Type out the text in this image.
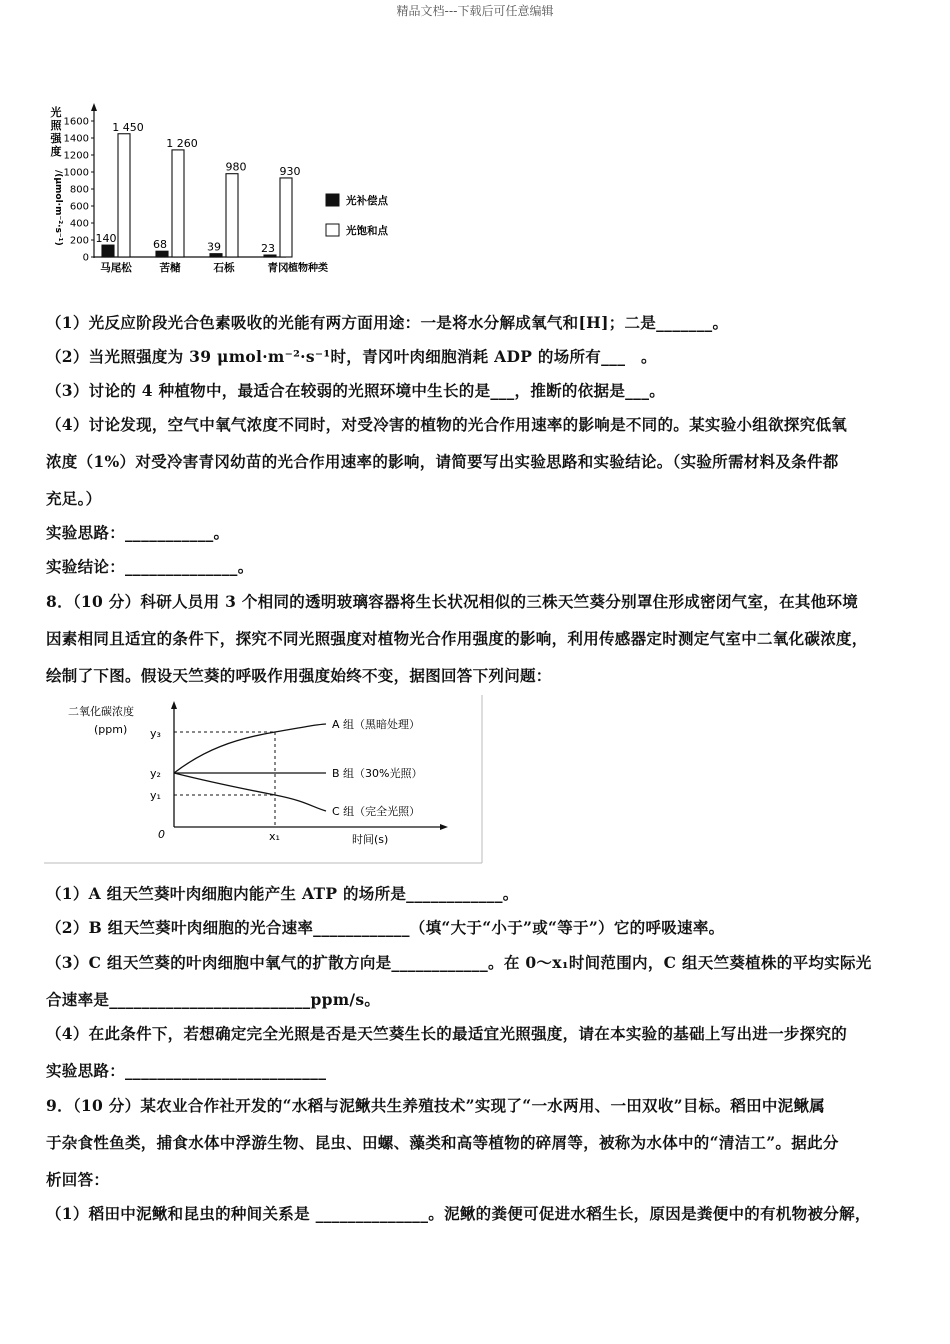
精品文档---下载后可任意编辑
光
照
强
度
/(μmol·m⁻²·s⁻¹)
植物种类
0
200
400
600
800
1000
1200
1400
1600
140
1 450
马尾松
68
1 260
苦槠
39
980
石栎
23
930
青冈
光补偿点
光饱和点
（1）光反应阶段光合色素吸收的光能有两方面用途：一是将水分解成氧气和[H]；二是_______。
（2）当光照强度为 39 μmol·m⁻²·s⁻¹时，青冈叶肉细胞消耗 ADP 的场所有___　。
（3）讨论的 4 种植物中，最适合在较弱的光照环境中生长的是___，推断的依据是___。
（4）讨论发现，空气中氧气浓度不同时，对受冷害的植物的光合作用速率的影响是不同的。某实验小组欲探究低氧
浓度（1%）对受冷害青冈幼苗的光合作用速率的影响，请简要写出实验思路和实验结论。（实验所需材料及条件都
充足。）
实验思路：___________。
实验结论：______________。
8．（10 分）科研人员用 3 个相同的透明玻璃容器将生长状况相似的三株天竺葵分别罩住形成密闭气室，在其他环境
因素相同且适宜的条件下，探究不同光照强度对植物光合作用强度的影响，利用传感器定时测定气室中二氧化碳浓度，
绘制了下图。假设天竺葵的呼吸作用强度始终不变，据图回答下列问题：
二氧化碳浓度
(ppm)
0	x₁	时间(s)
y₃
y₂
y₁
A 组（黑暗处理）
B 组（30%光照）
C 组（完全光照）
（1）A 组天竺葵叶肉细胞内能产生 ATP 的场所是____________。
（2）B 组天竺葵叶肉细胞的光合速率____________（填“大于“小于”或“等于”）它的呼吸速率。
（3）C 组天竺葵的叶肉细胞中氧气的扩散方向是____________。在 0～x₁时间范围内，C 组天竺葵植株的平均实际光
合速率是_________________________ppm/s。
（4）在此条件下，若想确定完全光照是否是天竺葵生长的最适宜光照强度，请在本实验的基础上写出进一步探究的
实验思路：_________________________
9．（10 分）某农业合作社开发的“水稻与泥鳅共生养殖技术”实现了“一水两用、一田双收”目标。稻田中泥鳅属
于杂食性鱼类，捕食水体中浮游生物、昆虫、田螺、藻类和高等植物的碎屑等，被称为水体中的“清洁工”。据此分
析回答：
（1）稻田中泥鳅和昆虫的种间关系是 ______________。泥鳅的粪便可促进水稻生长，原因是粪便中的有机物被分解，
